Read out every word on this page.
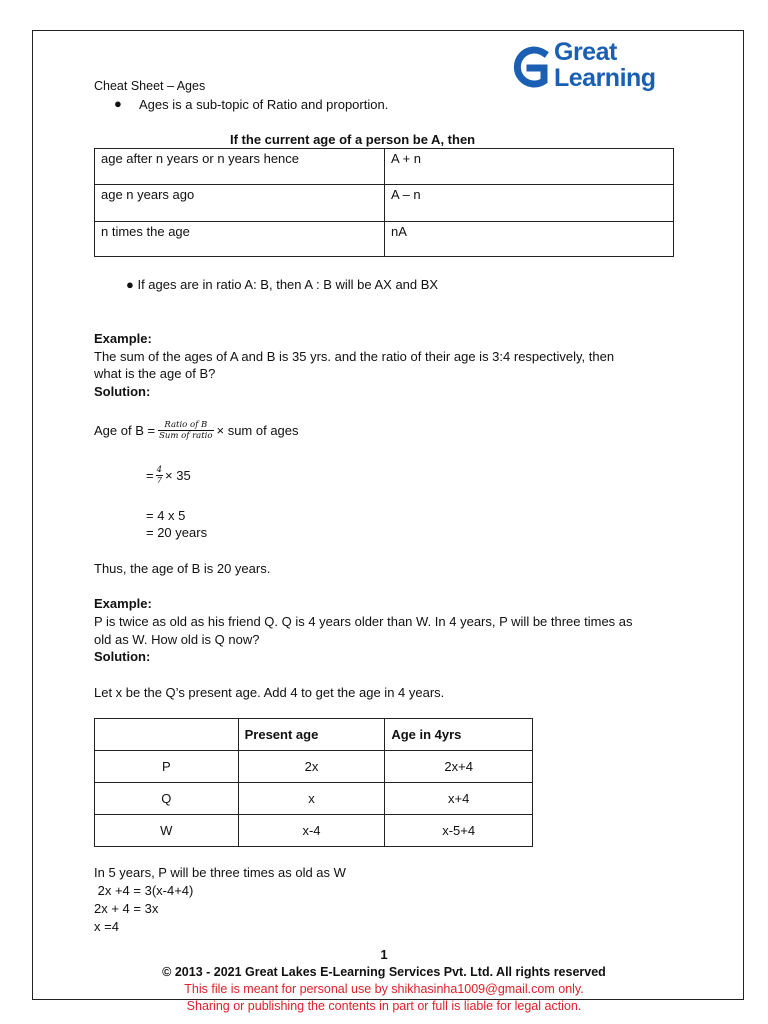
Great
Learning
Cheat Sheet – Ages
● Ages is a sub-topic of Ratio and proportion.
If the current age of a person be A, then
age after n years or n years hence	A + n
age n years ago	A – n
n times the age	nA
● If ages are in ratio A: B, then A : B will be AX and BX
Example:
The sum of the ages of A and B is 35 yrs. and the ratio of their age is 3:4 respectively, then
what is the age of B?
Solution:
Age of $B = \frac{\text{Ratio of B}}{\text{Sum of ratio}}$ × sum of ages
= $\frac{4}{7} \times 35$
= 4 x 5
= 20 years
Thus, the age of B is 20 years.
Example:
P is twice as old as his friend Q. Q is 4 years older than W. In 4 years, P will be three times as
old as W. How old is Q now?
Solution:
Let x be the Q’s present age. Add 4 to get the age in 4 years.
	Present age	Age in 4yrs
P	2x	2x+4
Q	x	x+4
W	x-4	x-5+4
In 5 years, P will be three times as old as W
2x +4 = 3(x-4+4)
2x + 4 = 3x
x =4
1
© 2013 - 2021 Great Lakes E-Learning Services Pvt. Ltd. All rights reserved
This file is meant for personal use by shikhasinha1009@gmail.com only.
Sharing or publishing the contents in part or full is liable for legal action.
